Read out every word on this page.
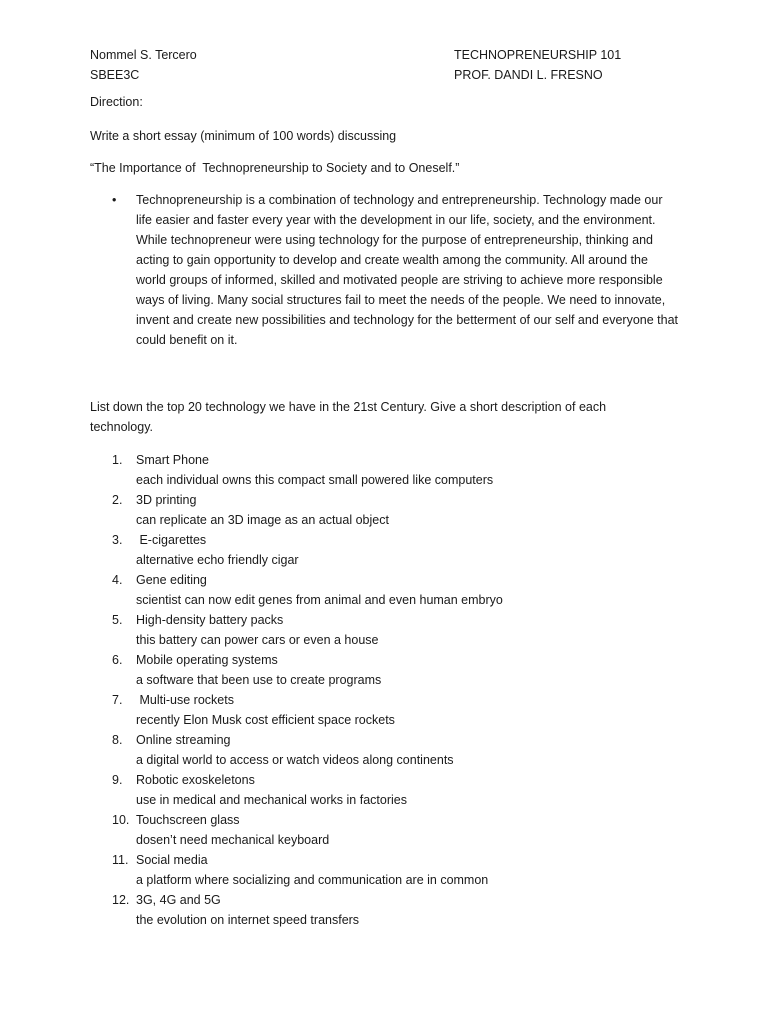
Nommel S. Tercero
SBEE3C
TECHNOPRENEURSHIP 101
PROF. DANDI L. FRESNO
Direction:
Write a short essay (minimum of 100 words) discussing
“The Importance of  Technopreneurship to Society and to Oneself.”
• Technopreneurship is a combination of technology and entrepreneurship. Technology made our life easier and faster every year with the development in our life, society, and the environment. While technopreneur were using technology for the purpose of entrepreneurship, thinking and acting to gain opportunity to develop and create wealth among the community. All around the world groups of informed, skilled and motivated people are striving to achieve more responsible ways of living. Many social structures fail to meet the needs of the people. We need to innovate, invent and create new possibilities and technology for the betterment of our self and everyone that could benefit on it.
List down the top 20 technology we have in the 21st Century. Give a short description of each technology.
1.	Smart Phone
each individual owns this compact small powered like computers
2.	3D printing
can replicate an 3D image as an actual object
3.	E-cigarettes
alternative echo friendly cigar
4.	Gene editing
scientist can now edit genes from animal and even human embryo
5.	High-density battery packs
this battery can power cars or even a house
6.	Mobile operating systems
a software that been use to create programs
7.	Multi-use rockets
recently Elon Musk cost efficient space rockets
8.	Online streaming
a digital world to access or watch videos along continents
9.	Robotic exoskeletons
use in medical and mechanical works in factories
10. Touchscreen glass
dosen’t need mechanical keyboard
11. Social media
a platform where socializing and communication are in common
12. 3G, 4G and 5G
the evolution on internet speed transfers
